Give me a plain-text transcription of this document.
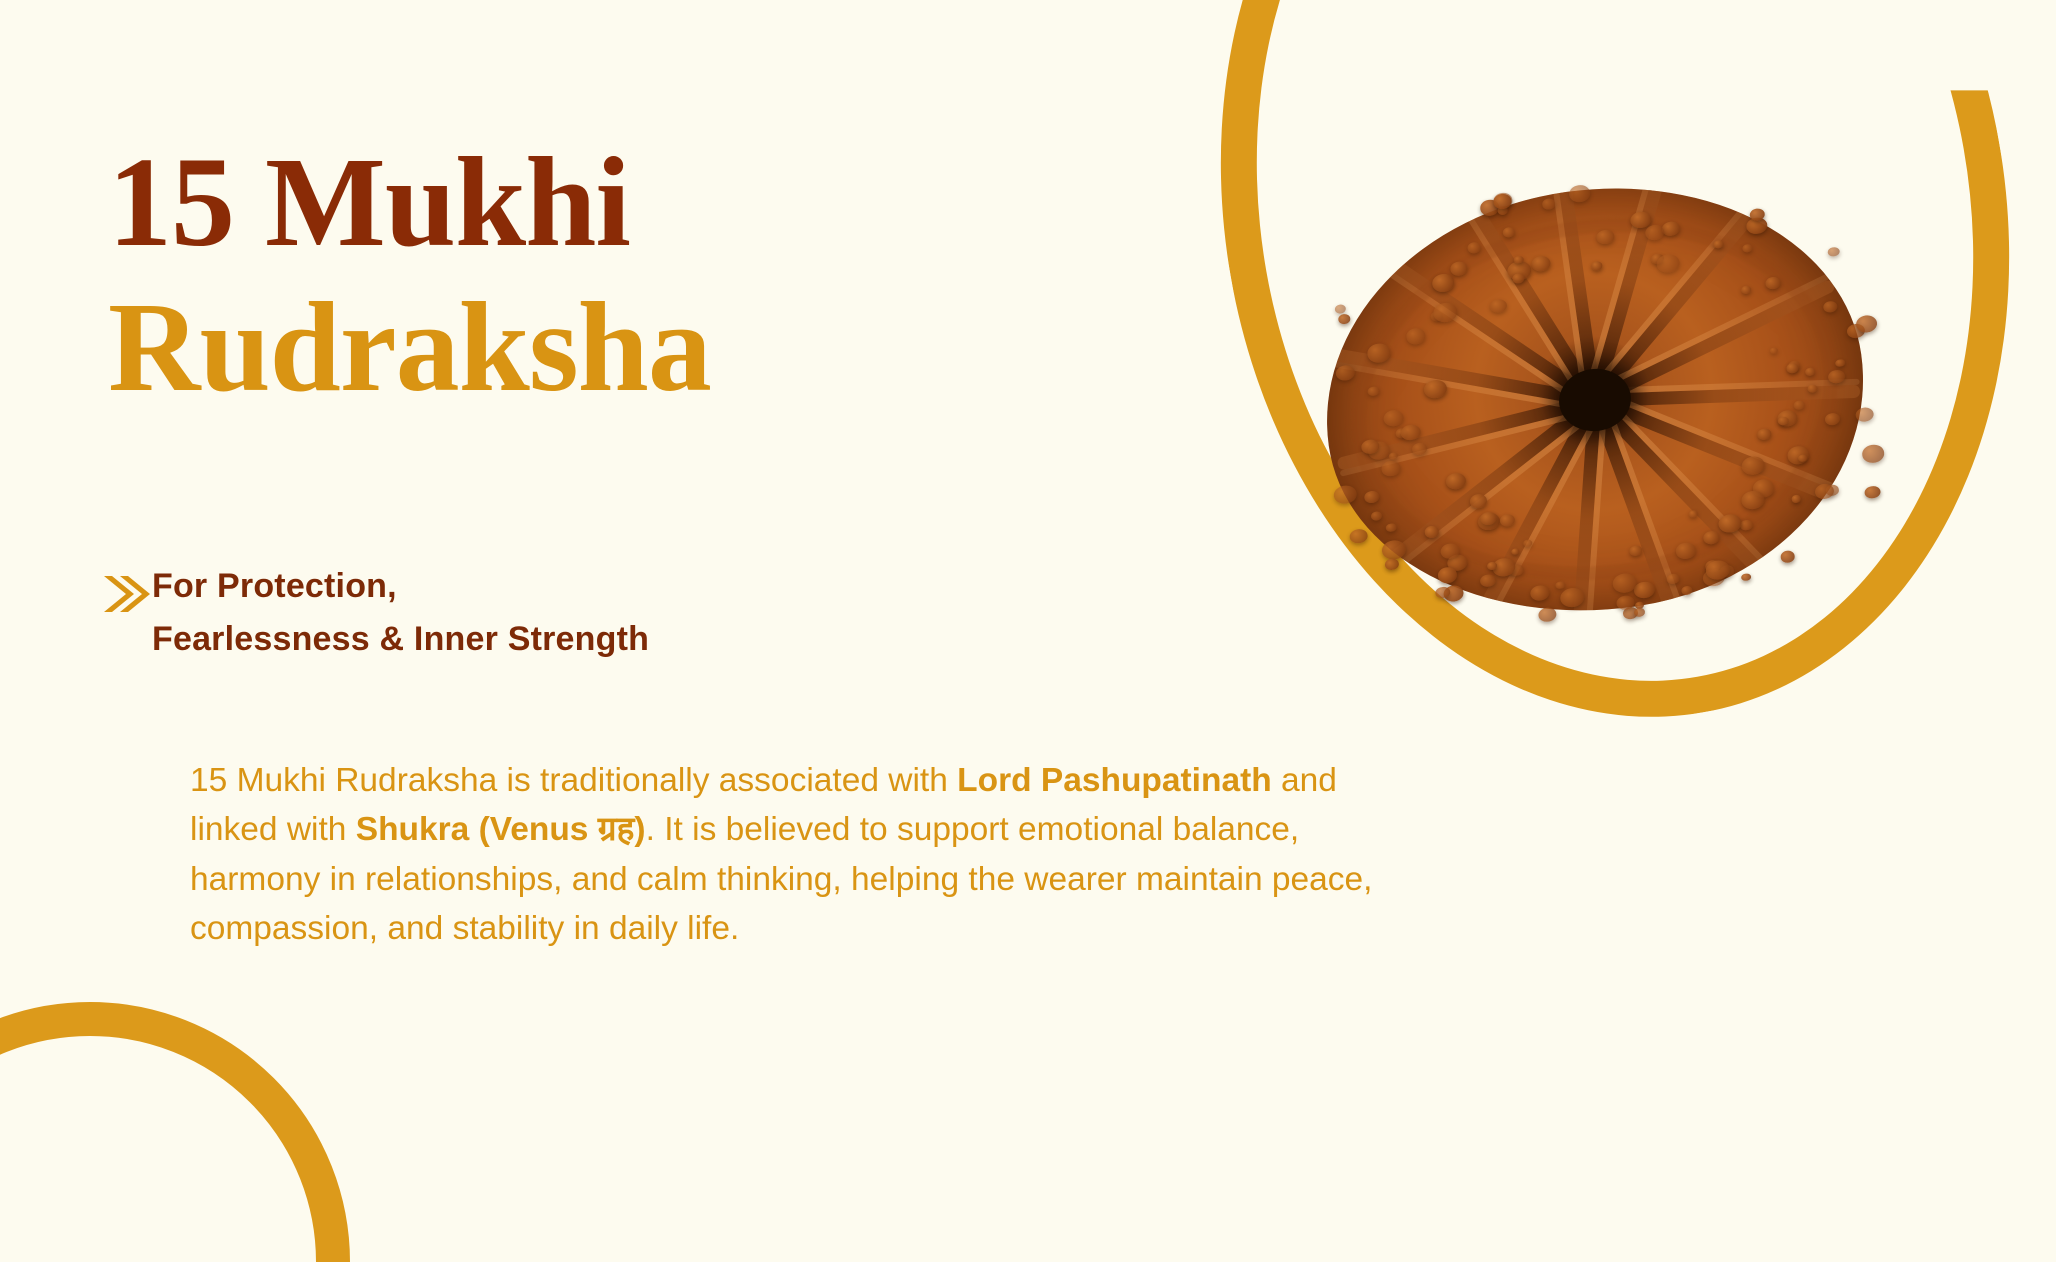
15 Mukhi
Rudraksha
For Protection,
Fearlessness & Inner Strength

15 Mukhi Rudraksha is traditionally associated with Lord Pashupatinath and linked with Shukra (Venus ग्रह). It is believed to support emotional balance, harmony in relationships, and calm thinking, helping the wearer maintain peace, compassion, and stability in daily life.
